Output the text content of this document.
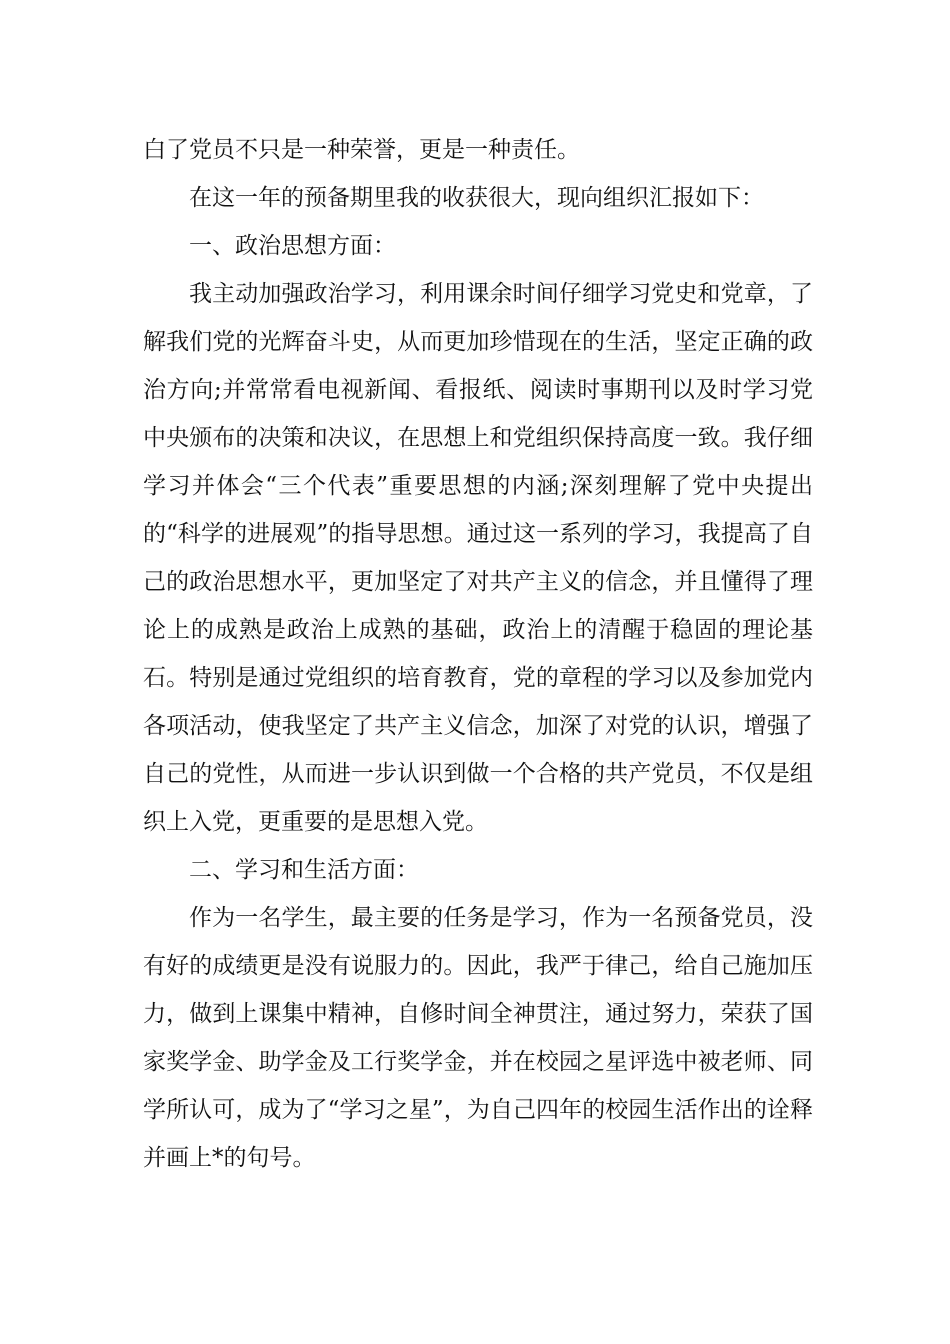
白了党员不只是一种荣誉，更是一种责任。

在这一年的预备期里我的收获很大，现向组织汇报如下：

一、政治思想方面：

我主动加强政治学习，利用课余时间仔细学习党史和党章，了解我们党的光辉奋斗史，从而更加珍惜现在的生活，坚定正确的政治方向;并常常看电视新闻、看报纸、阅读时事期刊以及时学习党中央颁布的决策和决议，在思想上和党组织保持高度一致。我仔细学习并体会“三个代表”重要思想的内涵;深刻理解了党中央提出的“科学的进展观”的指导思想。通过这一系列的学习，我提高了自己的政治思想水平，更加坚定了对共产主义的信念，并且懂得了理论上的成熟是政治上成熟的基础，政治上的清醒于稳固的理论基石。特别是通过党组织的培育教育，党的章程的学习以及参加党内各项活动，使我坚定了共产主义信念，加深了对党的认识，增强了自己的党性，从而进一步认识到做一个合格的共产党员，不仅是组织上入党，更重要的是思想入党。

二、学习和生活方面：

作为一名学生，最主要的任务是学习，作为一名预备党员，没有好的成绩更是没有说服力的。因此，我严于律己，给自己施加压力，做到上课集中精神，自修时间全神贯注，通过努力，荣获了国家奖学金、助学金及工行奖学金，并在校园之星评选中被老师、同学所认可，成为了“学习之星”，为自己四年的校园生活作出的诠释并画上*的句号。
